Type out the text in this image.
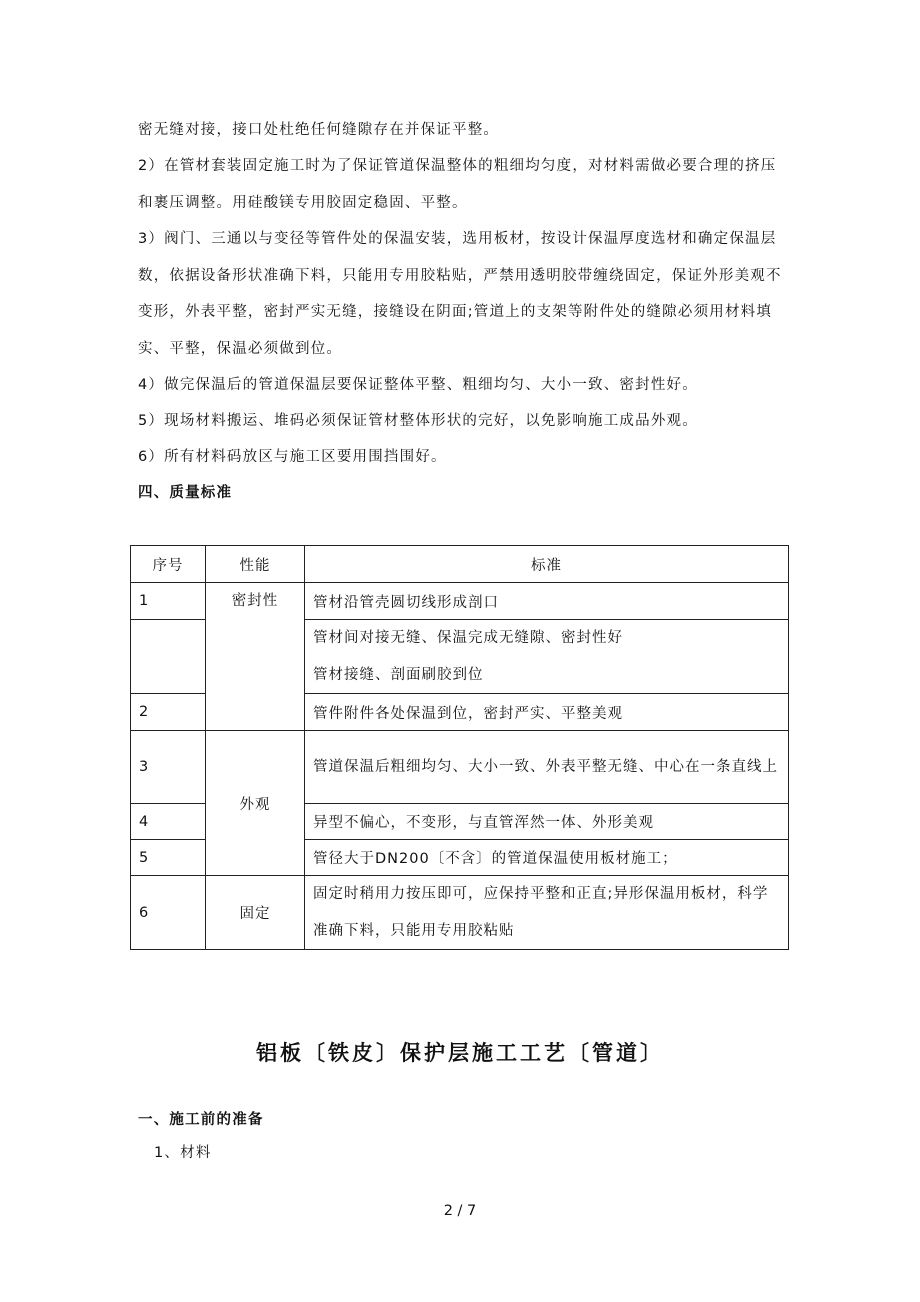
密无缝对接，接口处杜绝任何缝隙存在并保证平整。
2）在管材套装固定施工时为了保证管道保温整体的粗细均匀度，对材料需做必要合理的挤压和裹压调整。用硅酸镁专用胶固定稳固、平整。
3）阀门、三通以与变径等管件处的保温安装，选用板材，按设计保温厚度选材和确定保温层数，依据设备形状准确下料，只能用专用胶粘贴，严禁用透明胶带缠绕固定，保证外形美观不变形，外表平整，密封严实无缝，接缝设在阴面;管道上的支架等附件处的缝隙必须用材料填实、平整，保温必须做到位。
4）做完保温后的管道保温层要保证整体平整、粗细均匀、大小一致、密封性好。
5）现场材料搬运、堆码必须保证管材整体形状的完好，以免影响施工成品外观。
6）所有材料码放区与施工区要用围挡围好。
四、质量标准
序号	性能	标准
1	密封性	管材沿管壳圆切线形成剖口

		管材间对接无缝、保温完成无缝隙、密封性好
管材接缝、剖面刷胶到位

2		管件附件各处保温到位，密封严实、平整美观
3	外观	管道保温后粗细均匀、大小一致、外表平整无缝、中心在一条直线上
4		异型不偏心，不变形，与直管浑然一体、外形美观
5		管径大于DN200〔不含〕的管道保温使用板材施工；
6	固定	固定时稍用力按压即可，应保持平整和正直;异形保温用板材，科学准确下料，只能用专用胶粘贴
铝板〔铁皮〕保护层施工工艺〔管道〕
一、施工前的准备
1、材料
2 / 7
